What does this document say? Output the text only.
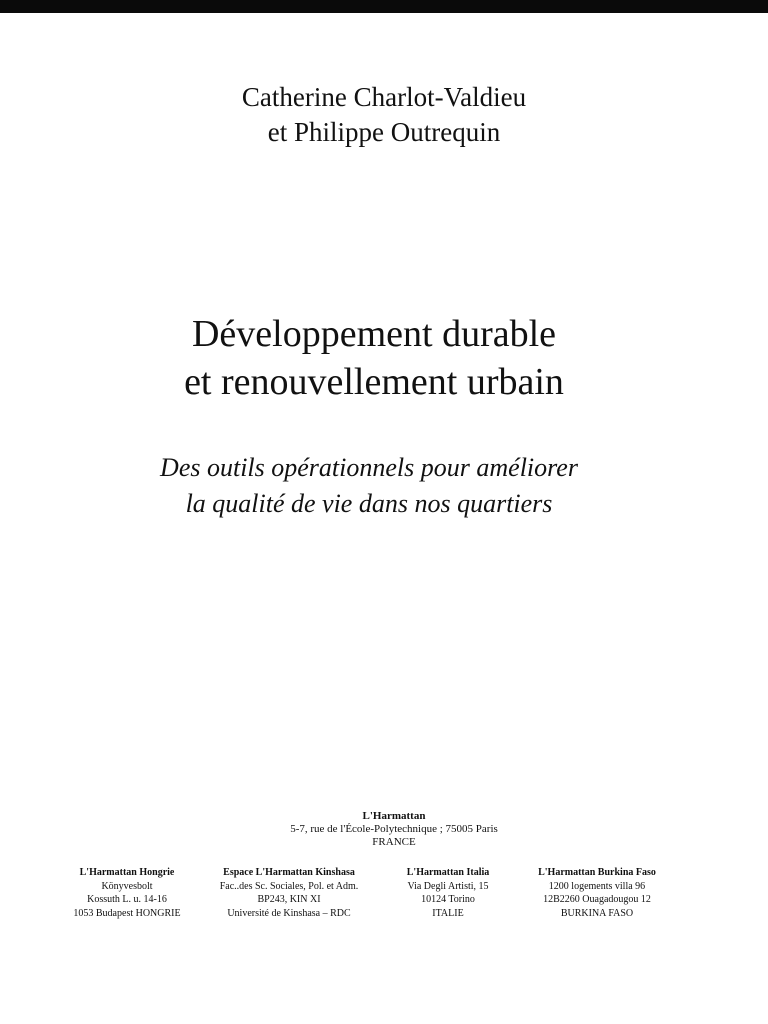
Catherine Charlot-Valdieu
et Philippe Outrequin
Développement durable
et renouvellement urbain
Des outils opérationnels pour améliorer
la qualité de vie dans nos quartiers
L'Harmattan
5-7, rue de l'École-Polytechnique ; 75005 Paris
FRANCE
L'Harmattan Hongrie
Könyvesbolt
Kossuth L. u. 14-16
1053 Budapest HONGRIE
Espace L'Harmattan Kinshasa
Fac..des Sc. Sociales, Pol. et Adm.
BP243, KIN XI
Université de Kinshasa – RDC
L'Harmattan Italia
Via Degli Artisti, 15
10124 Torino
ITALIE
L'Harmattan Burkina Faso
1200 logements villa 96
12B2260 Ouagadougou 12
BURKINA FASO
